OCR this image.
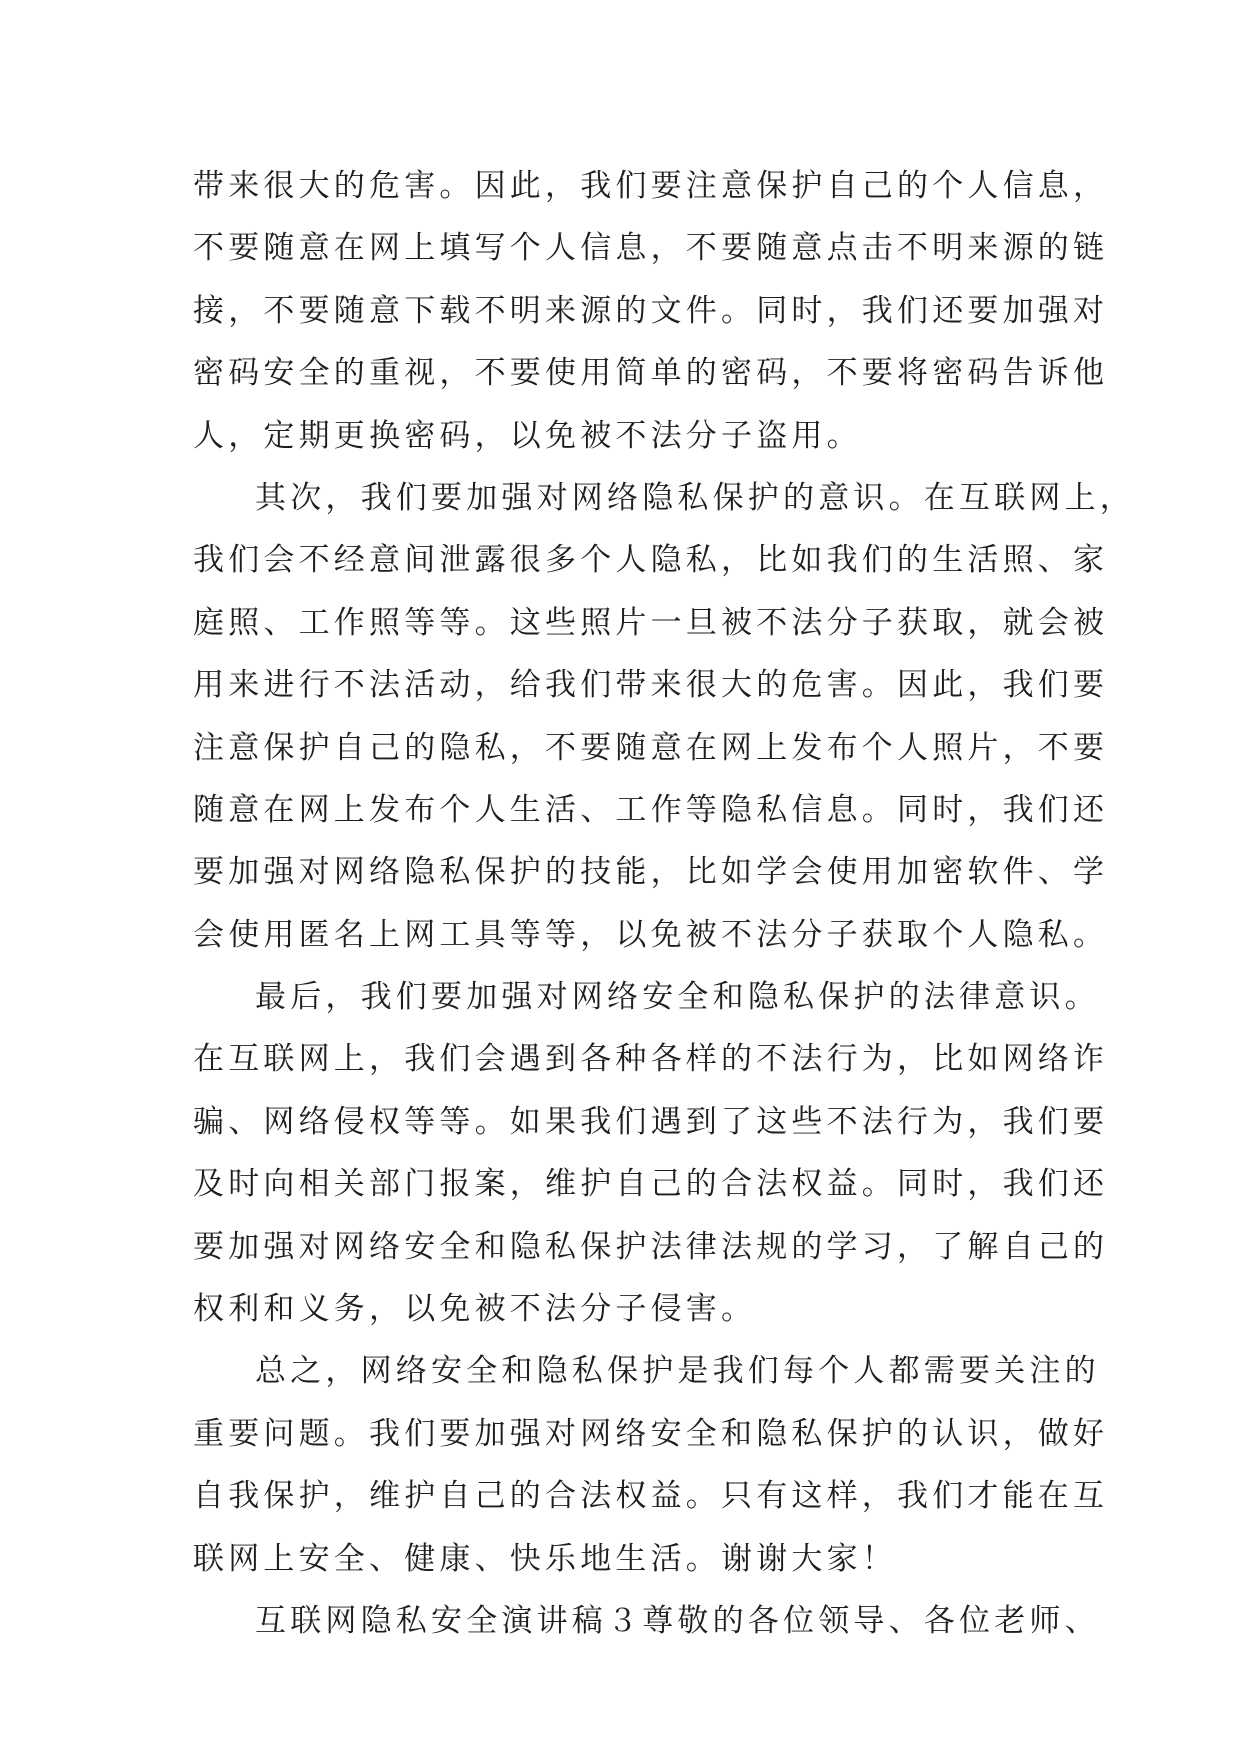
带来很大的危害。因此，我们要注意保护自己的个人信息，
不要随意在网上填写个人信息，不要随意点击不明来源的链
接，不要随意下载不明来源的文件。同时，我们还要加强对
密码安全的重视，不要使用简单的密码，不要将密码告诉他
人，定期更换密码，以免被不法分子盗用。
其次，我们要加强对网络隐私保护的意识。在互联网上，
我们会不经意间泄露很多个人隐私，比如我们的生活照、家
庭照、工作照等等。这些照片一旦被不法分子获取，就会被
用来进行不法活动，给我们带来很大的危害。因此，我们要
注意保护自己的隐私，不要随意在网上发布个人照片，不要
随意在网上发布个人生活、工作等隐私信息。同时，我们还
要加强对网络隐私保护的技能，比如学会使用加密软件、学
会使用匿名上网工具等等，以免被不法分子获取个人隐私。
最后，我们要加强对网络安全和隐私保护的法律意识。
在互联网上，我们会遇到各种各样的不法行为，比如网络诈
骗、网络侵权等等。如果我们遇到了这些不法行为，我们要
及时向相关部门报案，维护自己的合法权益。同时，我们还
要加强对网络安全和隐私保护法律法规的学习，了解自己的
权利和义务，以免被不法分子侵害。
总之，网络安全和隐私保护是我们每个人都需要关注的
重要问题。我们要加强对网络安全和隐私保护的认识，做好
自我保护，维护自己的合法权益。只有这样，我们才能在互
联网上安全、健康、快乐地生活。谢谢大家！
互联网隐私安全演讲稿３尊敬的各位领导、各位老师、
